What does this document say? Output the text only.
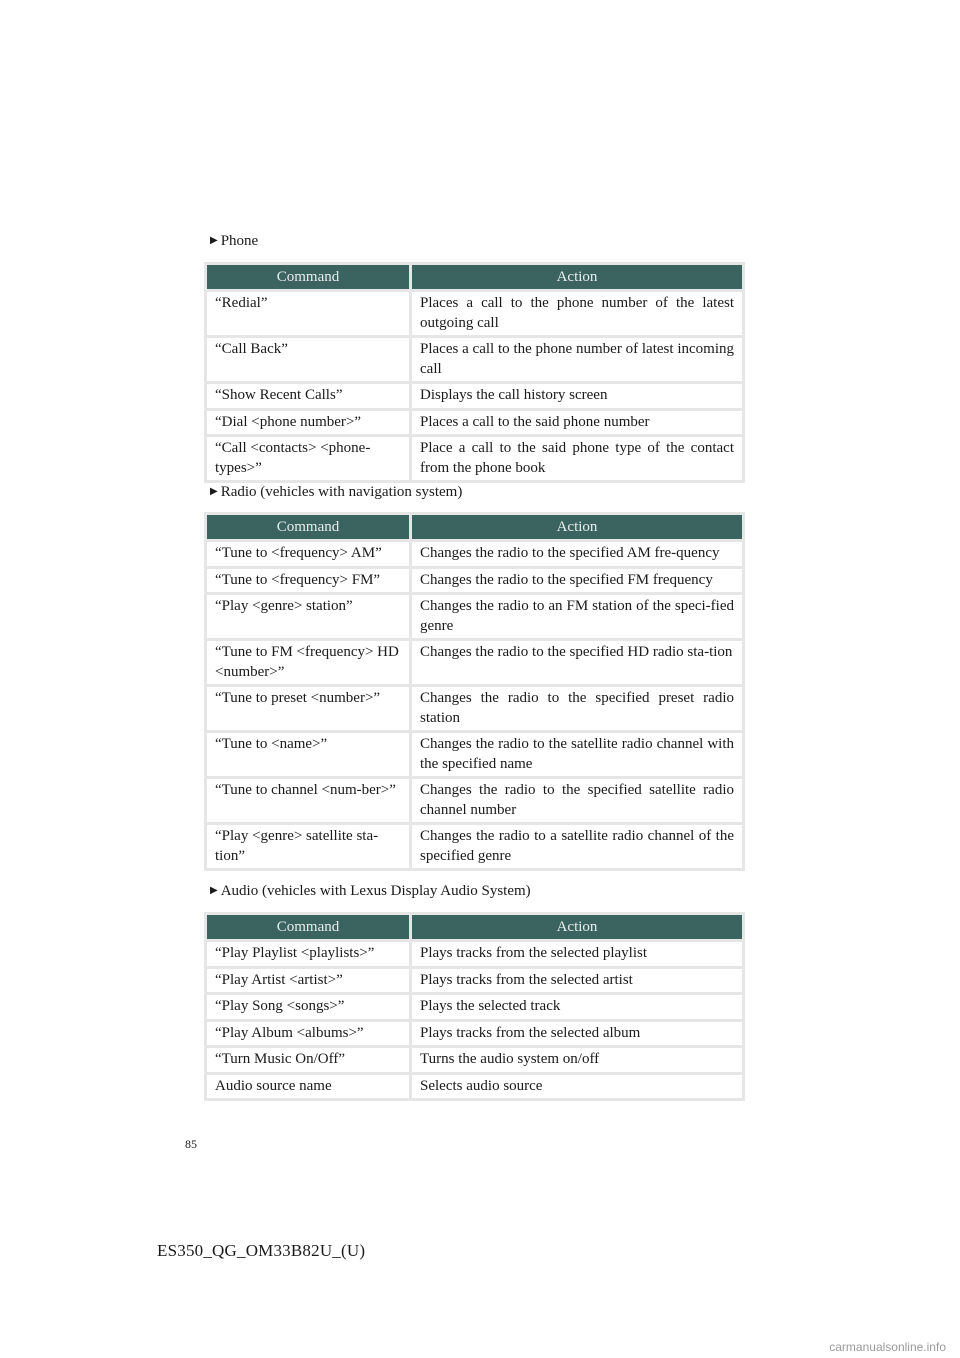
▶ Phone
Command	Action
“Redial”	Places a call to the phone number of the latest outgoing call
“Call Back”	Places a call to the phone number of latest incoming call
“Show Recent Calls”	Displays the call history screen
“Dial <phone number>”	Places a call to the said phone number
“Call <contacts> <phone-types>”	Place a call to the said phone type of the contact from the phone book
▶ Radio (vehicles with navigation system)
Command	Action
“Tune to <frequency> AM”	Changes the radio to the specified AM fre-quency
“Tune to <frequency> FM”	Changes the radio to the specified FM frequency
“Play <genre> station”	Changes the radio to an FM station of the speci-fied genre
“Tune to FM <frequency> HD <number>”	Changes the radio to the specified HD radio sta-tion
“Tune to preset <number>”	Changes the radio to the specified preset radio station
“Tune to <name>”	Changes the radio to the satellite radio channel with the specified name
“Tune to channel <num-ber>”	Changes the radio to the specified satellite radio channel number
“Play <genre> satellite sta-tion”	Changes the radio to a satellite radio channel of the specified genre
▶ Audio (vehicles with Lexus Display Audio System)
Command	Action
“Play Playlist <playlists>”	Plays tracks from the selected playlist
“Play Artist <artist>”	Plays tracks from the selected artist
“Play Song <songs>”	Plays the selected track
“Play Album <albums>”	Plays tracks from the selected album
“Turn Music On/Off”	Turns the audio system on/off
Audio source name	Selects audio source
85
ES350_QG_OM33B82U_(U)
carmanualsonline.info
